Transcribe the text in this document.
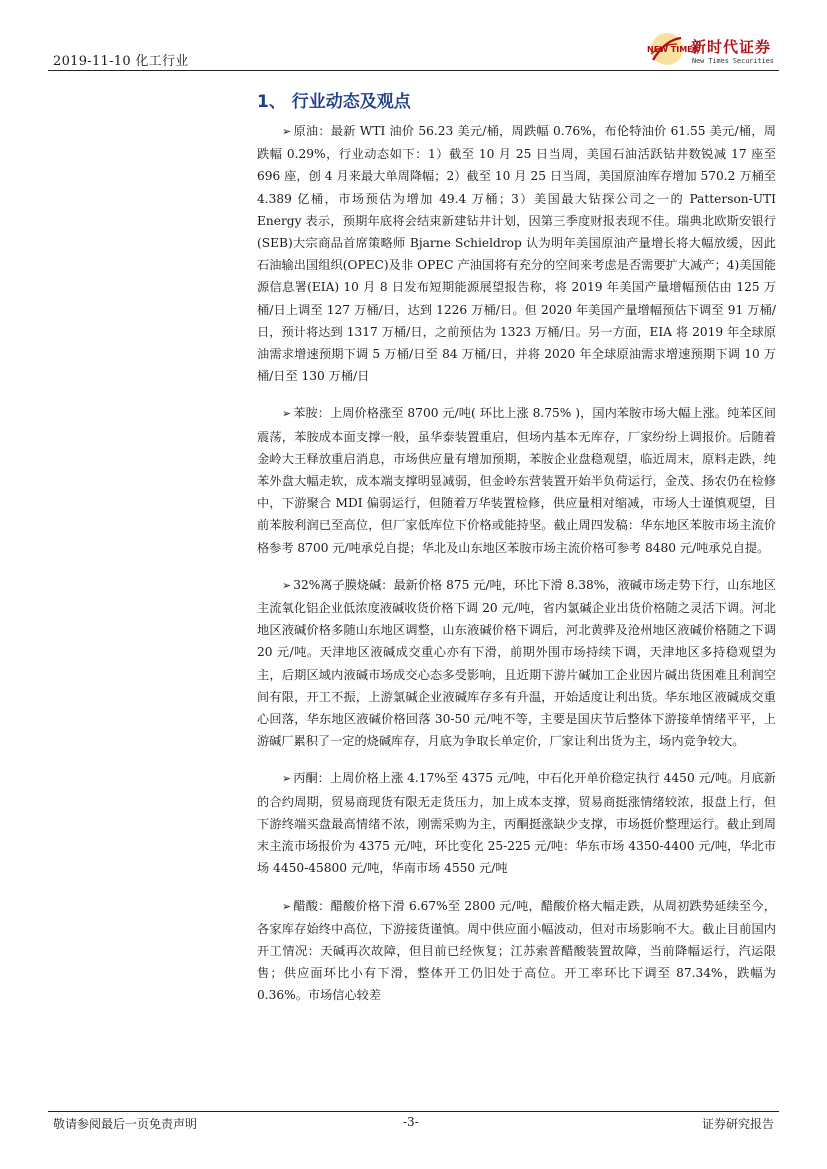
2019-11-10 化工行业
NEW TIMES
新时代证券
New Times Securities
1、 行业动态及观点

➢ 原油：最新 WTI 油价 56.23 美元/桶，周跌幅 0.76%，布伦特油价 61.55 美元/桶，周跌幅 0.29%，行业动态如下：1）截至 10 月 25 日当周，美国石油活跃钻井数锐减 17 座至 696 座，创 4 月来最大单周降幅；2）截至 10 月 25 日当周，美国原油库存增加 570.2 万桶至 4.389 亿桶，市场预估为增加 49.4 万桶；3）美国最大钻探公司之一的 Patterson-UTI Energy 表示，预期年底将会结束新建钻井计划，因第三季度财报表现不佳。瑞典北欧斯安银行(SEB)大宗商品首席策略师 Bjarne Schieldrop 认为明年美国原油产量增长将大幅放缓，因此石油输出国组织(OPEC)及非 OPEC 产油国将有充分的空间来考虑是否需要扩大减产；4)美国能源信息署(EIA) 10 月 8 日发布短期能源展望报告称，将 2019 年美国产量增幅预估由 125 万桶/日上调至 127 万桶/日，达到 1226 万桶/日。但 2020 年美国产量增幅预估下调至 91 万桶/日，预计将达到 1317 万桶/日，之前预估为 1323 万桶/日。另一方面，EIA 将 2019 年全球原油需求增速预期下调 5 万桶/日至 84 万桶/日，并将 2020 年全球原油需求增速预期下调 10 万桶/日至 130 万桶/日

➢ 苯胺：上周价格涨至 8700 元/吨( 环比上涨 8.75% )，国内苯胺市场大幅上涨。纯苯区间震荡，苯胺成本面支撑一般，虽华泰装置重启，但场内基本无库存，厂家纷纷上调报价。后随着金岭大王释放重启消息，市场供应量有增加预期，苯胺企业盘稳观望，临近周末，原料走跌，纯苯外盘大幅走软，成本端支撑明显减弱，但金岭东营装置开始半负荷运行，金茂、扬农仍在检修中，下游聚合 MDI 偏弱运行，但随着万华装置检修，供应量相对缩减，市场人士谨慎观望，目前苯胺利润已至高位，但厂家低库位下价格或能持坚。截止周四发稿：华东地区苯胺市场主流价格参考 8700 元/吨承兑自提；华北及山东地区苯胺市场主流价格可参考 8480 元/吨承兑自提。

➢ 32%离子膜烧碱：最新价格 875 元/吨，环比下滑 8.38%，液碱市场走势下行，山东地区主流氧化铝企业低浓度液碱收货价格下调 20 元/吨，省内氯碱企业出货价格随之灵活下调。河北地区液碱价格多随山东地区调整，山东液碱价格下调后，河北黄骅及沧州地区液碱价格随之下调 20 元/吨。天津地区液碱成交重心亦有下滑，前期外围市场持续下调，天津地区多持稳观望为主，后期区域内液碱市场成交心态多受影响，且近期下游片碱加工企业因片碱出货困难且利润空间有限，开工不振，上游氯碱企业液碱库存多有升温，开始适度让利出货。华东地区液碱成交重心回落，华东地区液碱价格回落 30-50 元/吨不等，主要是国庆节后整体下游接单情绪平平，上游碱厂累积了一定的烧碱库存，月底为争取长单定价，厂家让利出货为主，场内竞争较大。

➢ 丙酮：上周价格上涨 4.17%至 4375 元/吨，中石化开单价稳定执行 4450 元/吨。月底新的合约周期，贸易商现货有限无走货压力，加上成本支撑，贸易商挺涨情绪较浓，报盘上行，但下游终端买盘最高情绪不浓，刚需采购为主，丙酮挺涨缺少支撑，市场挺价整理运行。截止到周末主流市场报价为 4375 元/吨，环比变化 25-225 元/吨：华东市场 4350-4400 元/吨，华北市场 4450-45800 元/吨，华南市场 4550 元/吨

➢ 醋酸：醋酸价格下滑 6.67%至 2800 元/吨，醋酸价格大幅走跌，从周初跌势延续至今，各家库存始终中高位，下游接货谨慎。周中供应面小幅波动，但对市场影响不大。截止目前国内开工情况：天碱再次故障，但目前已经恢复；江苏索普醋酸装置故障，当前降幅运行，汽运限售；供应面环比小有下滑，整体开工仍旧处于高位。开工率环比下调至 87.34%，跌幅为 0.36%。市场信心较差

敬请参阅最后一页免责声明	-3-	证券研究报告
